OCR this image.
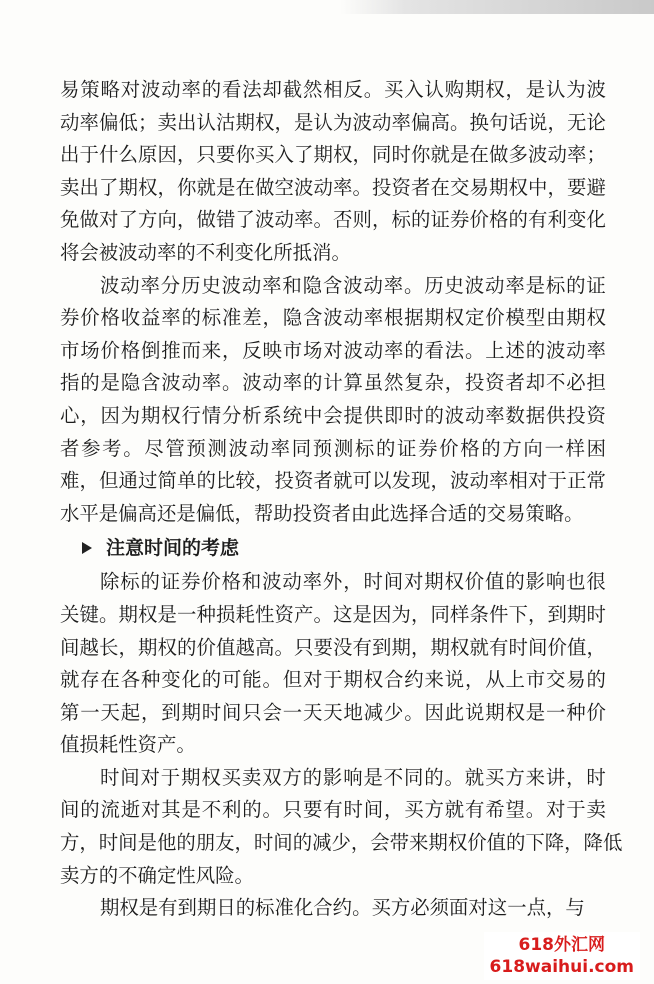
易 策 略 对 波 动 率 的 看 法 却 截 然 相 反 。 买 入 认 购 期 权 ， 是 认 为 波
动 率 偏 低 ； 卖 出 认 沽 期 权 ， 是 认 为 波 动 率 偏 高 。 换 句 话 说 ， 无 论
出 于 什 么 原 因 ， 只 要 你 买 入 了 期 权 ， 同 时 你 就 是 在 做 多 波 动 率 ；
卖 出 了 期 权 ， 你 就 是 在 做 空 波 动 率 。 投 资 者 在 交 易 期 权 中 ， 要 避
免 做 对 了 方 向 ， 做 错 了 波 动 率 。 否 则 ， 标 的 证 券 价 格 的 有 利 变 化
将会被波动率的不利变化所抵消。
波 动 率 分 历 史 波 动 率 和 隐 含 波 动 率 。 历 史 波 动 率 是 标 的 证
券 价 格 收 益 率 的 标 准 差 ， 隐 含 波 动 率 根 据 期 权 定 价 模 型 由 期 权
市 场 价 格 倒 推 而 来 ， 反 映 市 场 对 波 动 率 的 看 法 。 上 述 的 波 动 率
指 的 是 隐 含 波 动 率 。 波 动 率 的 计 算 虽 然 复 杂 ， 投 资 者 却 不 必 担
心 ， 因 为 期 权 行 情 分 析 系 统 中 会 提 供 即 时 的 波 动 率 数 据 供 投 资
者 参 考 。 尽 管 预 测 波 动 率 同 预 测 标 的 证 券 价 格 的 方 向 一 样 困
难 ， 但 通 过 简 单 的 比 较 ， 投 资 者 就 可 以 发 现 ， 波 动 率 相 对 于 正 常
水平是偏高还是偏低，帮助投资者由此选择合适的交易策略。
注意时间的考虑
除 标 的 证 券 价 格 和 波 动 率 外 ， 时 间 对 期 权 价 值 的 影 响 也 很
关 键 。 期 权 是 一 种 损 耗 性 资 产 。 这 是 因 为 ， 同 样 条 件 下 ， 到 期 时
间 越 长 ， 期 权 的 价 值 越 高 。 只 要 没 有 到 期 ， 期 权 就 有 时 间 价 值 ，
就 存 在 各 种 变 化 的 可 能 。 但 对 于 期 权 合 约 来 说 ， 从 上 市 交 易 的
第 一 天 起 ， 到 期 时 间 只 会 一 天 天 地 减 少 。 因 此 说 期 权 是 一 种 价
值损耗性资产。
时 间 对 于 期 权 买 卖 双 方 的 影 响 是 不 同 的 。 就 买 方 来 讲 ， 时
间 的 流 逝 对 其 是 不 利 的 。 只 要 有 时 间 ， 买 方 就 有 希 望 。 对 于 卖
方 ， 时 间 是 他 的 朋 友 ， 时 间 的 减 少 ， 会 带 来 期 权 价 值 的 下 降 ， 降 低
卖方的不确定性风险。
期权是有到期日的标准化合约。买方必须面对这一点，与
618外汇网
618waihui.com
